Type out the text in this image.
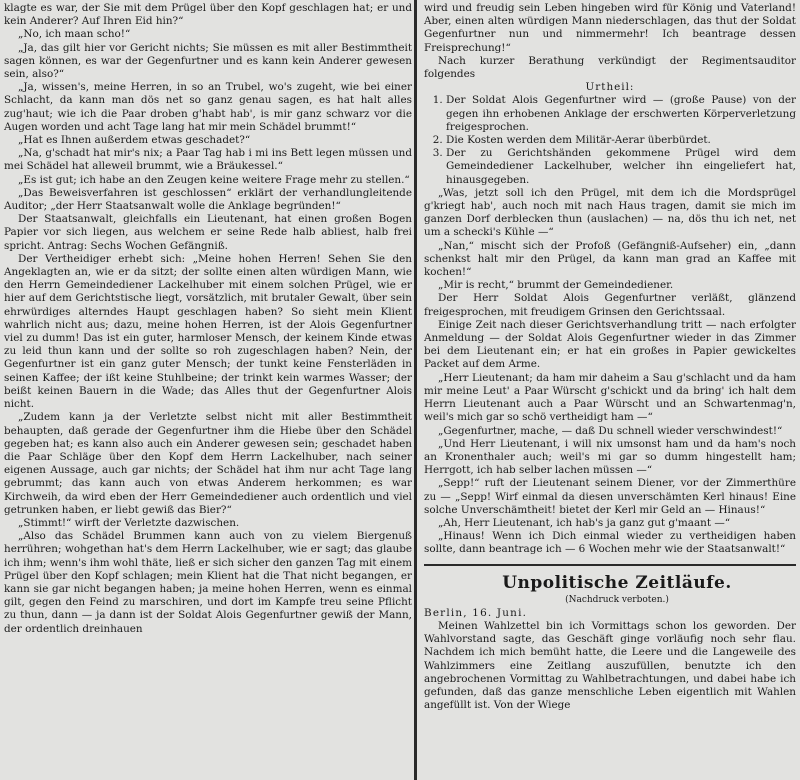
klagte es war, der Sie mit dem Prügel über den Kopf geschlagen hat; er und kein Anderer? Auf Ihren Eid hin?“

„No, ich maan scho!“

„Ja, das gilt hier vor Gericht nichts; Sie müssen es mit aller Bestimmtheit sagen können, es war der Gegenfurtner und es kann kein Anderer gewesen sein, also?“

„Ja, wissen's, meine Herren, in so an Trubel, wo's zugeht, wie bei einer Schlacht, da kann man dös net so ganz genau sagen, es hat halt alles zug'haut; wie ich die Paar droben g'habt hab', is mir ganz schwarz vor die Augen worden und acht Tage lang hat mir mein Schädel brummt!“

„Hat es Ihnen außerdem etwas geschadet?“

„Na, g'schadt hat mir's nix; a Paar Tag hab i mi ins Bett legen müssen und mei Schädel hat alleweil brummt, wie a Bräukessel.“

„Es ist gut; ich habe an den Zeugen keine weitere Frage mehr zu stellen.“

„Das Beweisverfahren ist geschlossen“ erklärt der verhandlungleitende Auditor; „der Herr Staatsanwalt wolle die Anklage begründen!“

Der Staatsanwalt, gleichfalls ein Lieutenant, hat einen großen Bogen Papier vor sich liegen, aus welchem er seine Rede halb abliest, halb frei spricht. Antrag: Sechs Wochen Gefängniß.

Der Vertheidiger erhebt sich: „Meine hohen Herren! Sehen Sie den Angeklagten an, wie er da sitzt; der sollte einen alten würdigen Mann, wie den Herrn Gemeindediener Lackelhuber mit einem solchen Prügel, wie er hier auf dem Gerichtstische liegt, vorsätzlich, mit brutaler Gewalt, über sein ehrwürdiges alterndes Haupt geschlagen haben? So sieht mein Klient wahrlich nicht aus; dazu, meine hohen Herren, ist der Alois Gegenfurtner viel zu dumm! Das ist ein guter, harmloser Mensch, der keinem Kinde etwas zu leid thun kann und der sollte so roh zugeschlagen haben? Nein, der Gegenfurtner ist ein ganz guter Mensch; der tunkt keine Fensterläden in seinen Kaffee; der ißt keine Stuhlbeine; der trinkt kein warmes Wasser; der beißt keinen Bauern in die Wade; das Alles thut der Gegenfurtner Alois nicht.

„Zudem kann ja der Verletzte selbst nicht mit aller Bestimmtheit behaupten, daß gerade der Gegenfurtner ihm die Hiebe über den Schädel gegeben hat; es kann also auch ein Anderer gewesen sein; geschadet haben die Paar Schläge über den Kopf dem Herrn Lackelhuber, nach seiner eigenen Aussage, auch gar nichts; der Schädel hat ihm nur acht Tage lang gebrummt; das kann auch von etwas Anderem herkommen; es war Kirchweih, da wird eben der Herr Gemeindediener auch ordentlich und viel getrunken haben, er liebt gewiß das Bier?“

„Stimmt!“ wirft der Verletzte dazwischen.

„Also das Schädel Brummen kann auch von zu vielem Biergenuß herrühren; wohgethan hat's dem Herrn Lackelhuber, wie er sagt; das glaube ich ihm; wenn's ihm wohl thäte, ließ er sich sicher den ganzen Tag mit einem Prügel über den Kopf schlagen; mein Klient hat die That nicht begangen, er kann sie gar nicht begangen haben; ja meine hohen Herren, wenn es einmal gilt, gegen den Feind zu marschiren, und dort im Kampfe treu seine Pflicht zu thun, dann — ja dann ist der Soldat Alois Gegenfurtner gewiß der Mann, der ordentlich dreinhauen

wird und freudig sein Leben hingeben wird für König und Vaterland! Aber, einen alten würdigen Mann niederschlagen, das thut der Soldat Gegenfurtner nun und nimmermehr! Ich beantrage dessen Freisprechung!“

Nach kurzer Berathung verkündigt der Regimentsauditor folgendes

Urtheil:

1. Der Soldat Alois Gegenfurtner wird — (große Pause) von der gegen ihn erhobenen Anklage der erschwerten Körperverletzung freigesprochen.
2. Die Kosten werden dem Militär-Aerar überbürdet.
3. Der zu Gerichtshänden gekommene Prügel wird dem Gemeindediener Lackelhuber, welcher ihn eingeliefert hat, hinausgegeben.

„Was, jetzt soll ich den Prügel, mit dem ich die Mordsprügel g'kriegt hab', auch noch mit nach Haus tragen, damit sie mich im ganzen Dorf derblecken thun (auslachen) — na, dös thu ich net, net um a schecki's Kühle —“

„Nan,“ mischt sich der Profoß (Gefängniß-Aufseher) ein, „dann schenkst halt mir den Prügel, da kann man grad an Kaffee mit kochen!“

„Mir is recht,“ brummt der Gemeindediener.

Der Herr Soldat Alois Gegenfurtner verläßt, glänzend freigesprochen, mit freudigem Grinsen den Gerichtssaal.

Einige Zeit nach dieser Gerichtsverhandlung tritt — nach erfolgter Anmeldung — der Soldat Alois Gegenfurtner wieder in das Zimmer bei dem Lieutenant ein; er hat ein großes in Papier gewickeltes Packet auf dem Arme.

„Herr Lieutenant; da ham mir daheim a Sau g'schlacht und da ham mir meine Leut' a Paar Würscht g'schickt und da bring' ich halt dem Herrn Lieutenant auch a Paar Würscht und an Schwartenmag'n, weil's mich gar so schö vertheidigt ham —“

„Gegenfurtner, mache, — daß Du schnell wieder verschwindest!“

„Und Herr Lieutenant, i will nix umsonst ham und da ham's noch an Kronenthaler auch; weil's mi gar so dumm hingestellt ham; Herrgott, ich hab selber lachen müssen —“

„Sepp!“ ruft der Lieutenant seinem Diener, vor der Zimmerthüre zu — „Sepp! Wirf einmal da diesen unverschämten Kerl hinaus! Eine solche Unverschämtheit! bietet der Kerl mir Geld an — Hinaus!“

„Ah, Herr Lieutenant, ich hab's ja ganz gut g'maant —“

„Hinaus! Wenn ich Dich einmal wieder zu vertheidigen haben sollte, dann beantrage ich — 6 Wochen mehr wie der Staatsanwalt!“

Unpolitische Zeitläufe.

(Nachdruck verboten.)

Berlin, 16. Juni.

Meinen Wahlzettel bin ich Vormittags schon los geworden. Der Wahlvorstand sagte, das Geschäft ginge vorläufig noch sehr flau. Nachdem ich mich bemüht hatte, die Leere und die Langeweile des Wahlzimmers eine Zeitlang auszufüllen, benutzte ich den angebrochenen Vormittag zu Wahlbetrachtungen, und dabei habe ich gefunden, daß das ganze menschliche Leben eigentlich mit Wahlen angefüllt ist. Von der Wiege
